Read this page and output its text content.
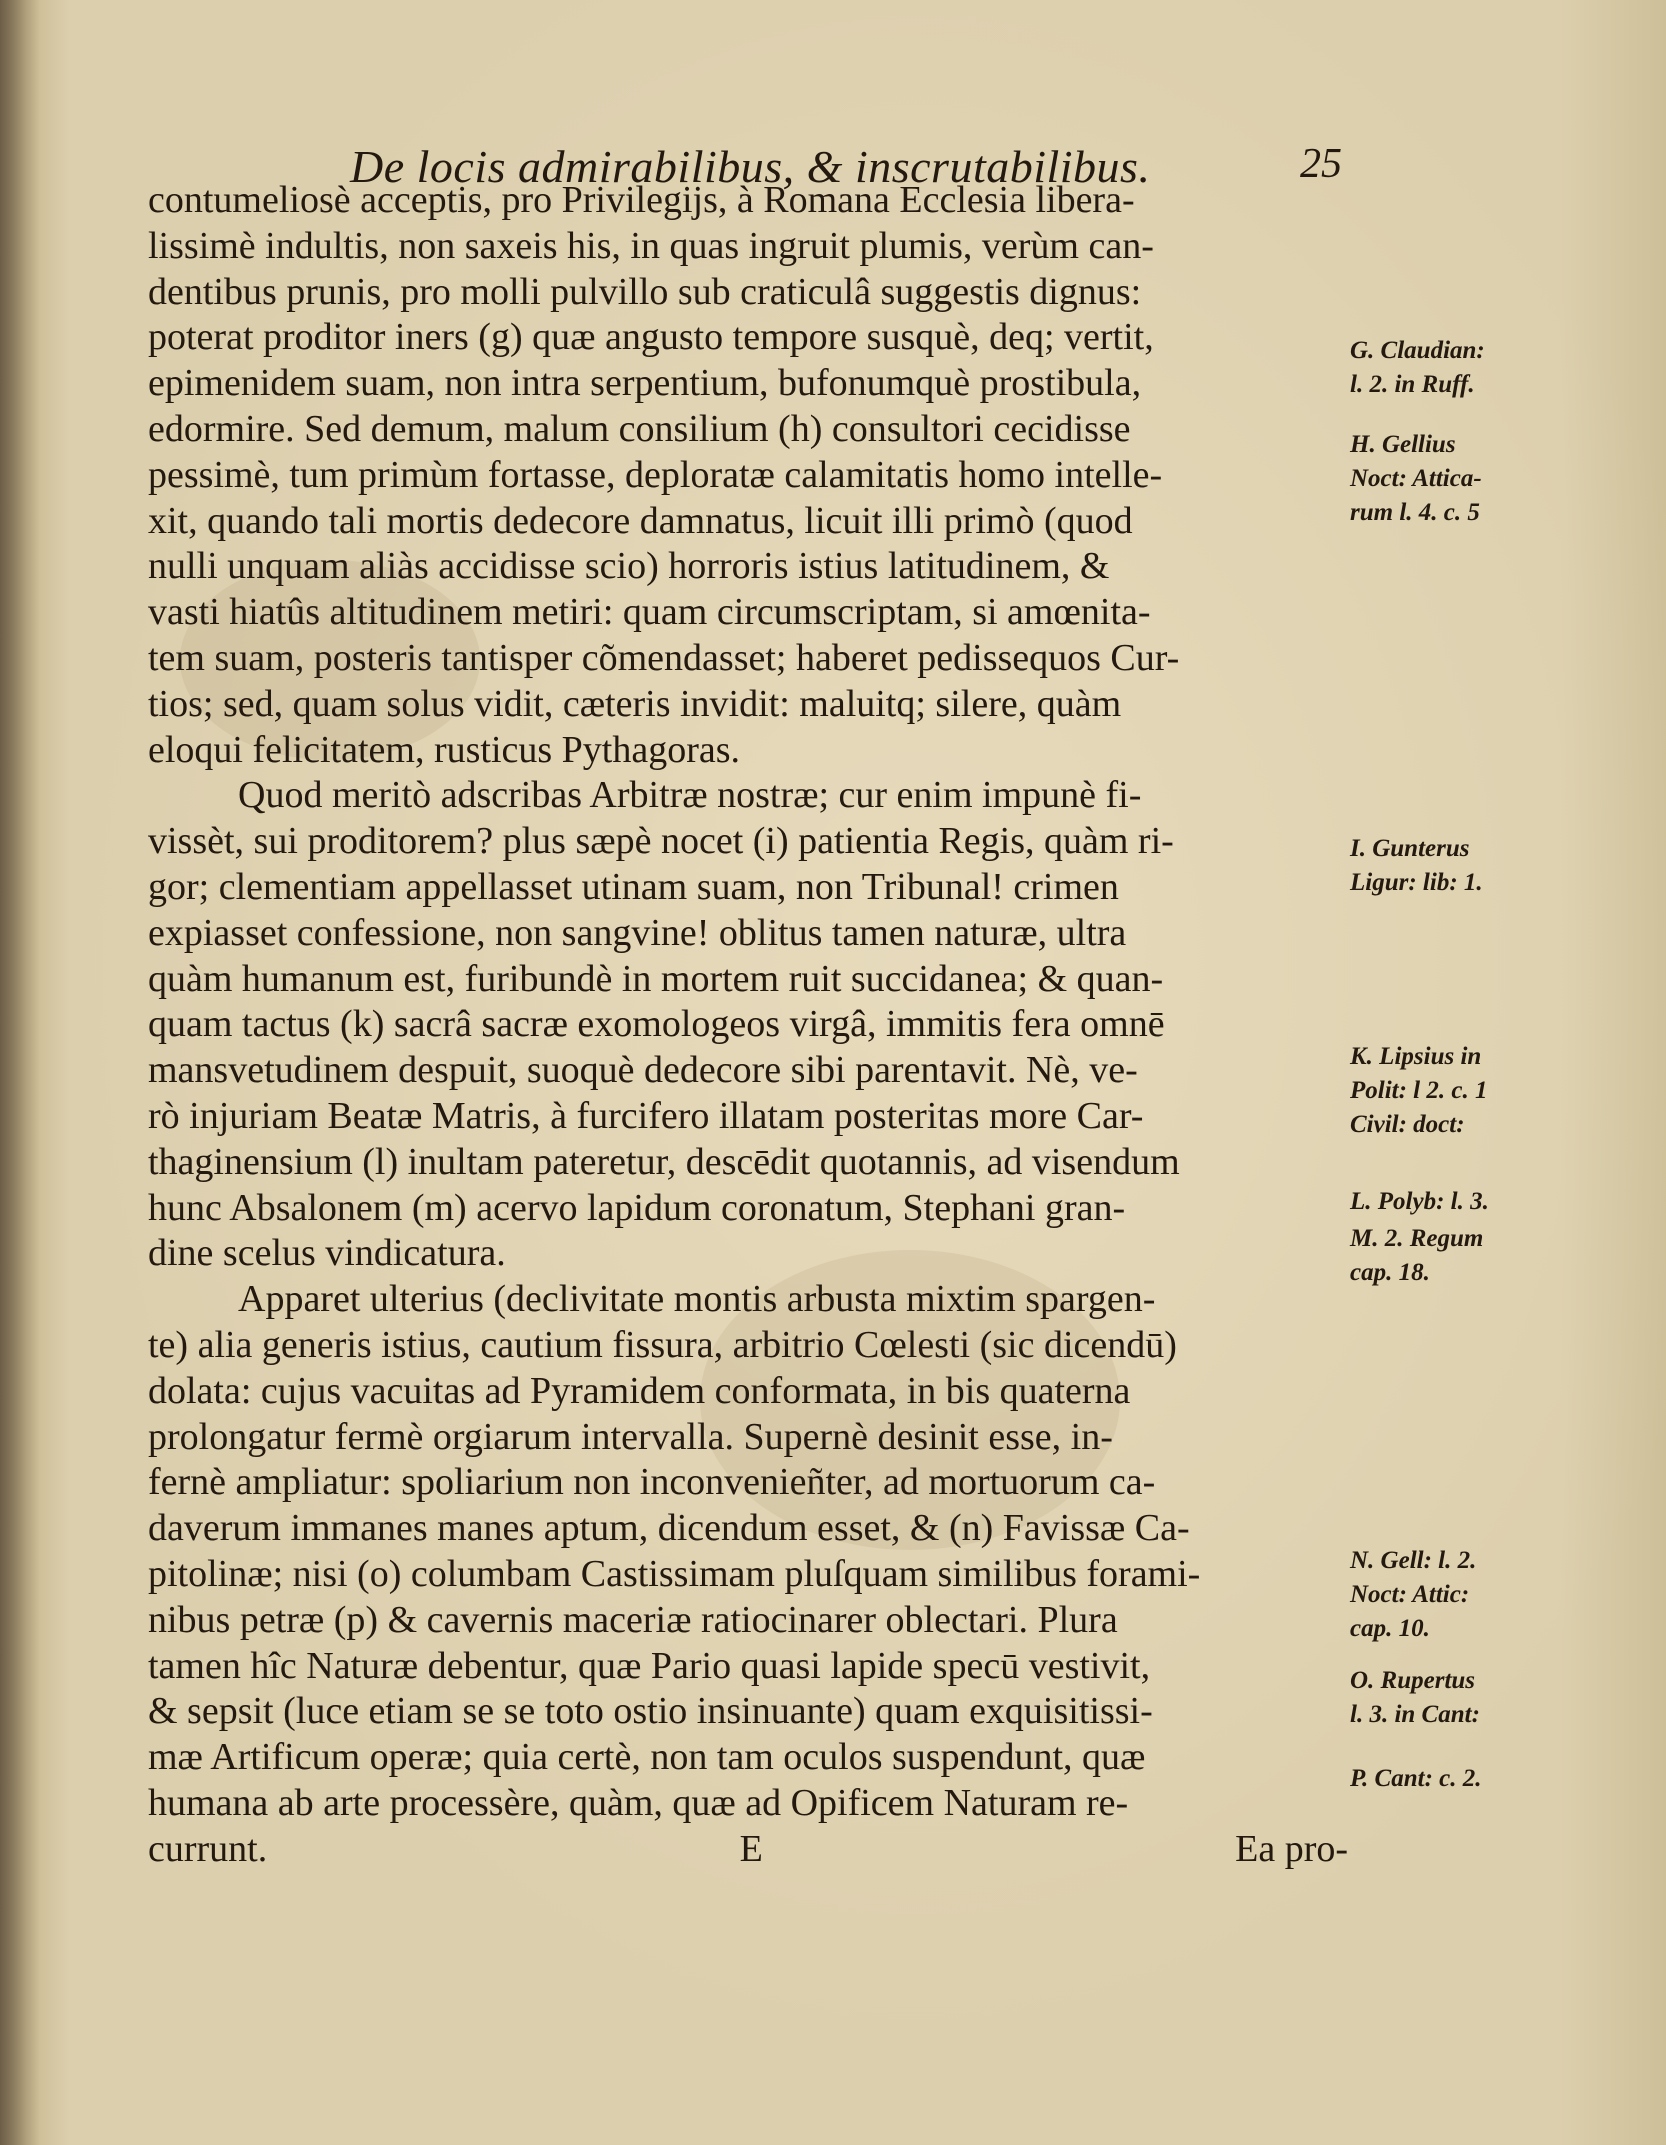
De locis admirabilibus, & inscrutabilibus.	25
contumeliosè acceptis, pro Privilegijs, à Romana Ecclesia libera-
lissimè indultis, non saxeis his, in quas ingruit plumis, verùm can-
dentibus prunis, pro molli pulvillo sub craticulâ suggestis dignus:
poterat proditor iners (g) quæ angusto tempore susquè, deq; vertit,
epimenidem suam, non intra serpentium, bufonumquè prostibula,
edormire. Sed demum, malum consilium (h) consultori cecidisse
pessimè, tum primùm fortasse, deploratæ calamitatis homo intelle-
xit, quando tali mortis dedecore damnatus, licuit illi primò (quod
nulli unquam aliàs accidisse scio) horroris istius latitudinem, &
vasti hiatûs altitudinem metiri: quam circumscriptam, si amœnita-
tem suam, posteris tantisper cõmendasset; haberet pedissequos Cur-
tios; sed, quam solus vidit, cæteris invidit: maluitq; silere, quàm
eloqui felicitatem, rusticus Pythagoras.
Quod meritò adscribas Arbitræ nostræ; cur enim impunè fi-
vissèt, sui proditorem? plus sæpè nocet (i) patientia Regis, quàm ri-
gor; clementiam appellasset utinam suam, non Tribunal! crimen
expiasset confessione, non sangvine! oblitus tamen naturæ, ultra
quàm humanum est, furibundè in mortem ruit succidanea; & quan-
quam tactus (k) sacrâ sacræ exomologeos virgâ, immitis fera omnē
mansvetudinem despuit, suoquè dedecore sibi parentavit. Nè, ve-
rò injuriam Beatæ Matris, à furcifero illatam posteritas more Car-
thaginensium (l) inultam pateretur, descēdit quotannis, ad visendum
hunc Absalonem (m) acervo lapidum coronatum, Stephani gran-
dine scelus vindicatura.
Apparet ulterius (declivitate montis arbusta mixtim spargen-
te) alia generis istius, cautium fissura, arbitrio Cœlesti (sic dicendū)
dolata: cujus vacuitas ad Pyramidem conformata, in bis quaterna
prolongatur fermè orgiarum intervalla. Supernè desinit esse, in-
fernè ampliatur: spoliarium non inconvenieñter, ad mortuorum ca-
daverum immanes manes aptum, dicendum esset, & (n) Favissæ Ca-
pitolinæ; nisi (o) columbam Castissimam pluſquam similibus forami-
nibus petræ (p) & cavernis maceriæ ratiocinarer oblectari. Plura
tamen hîc Naturæ debentur, quæ Pario quasi lapide specū vestivit,
& sepsit (luce etiam se se toto ostio insinuante) quam exquisitissi-
mæ Artificum operæ; quia certè, non tam oculos suspendunt, quæ
humana ab arte processère, quàm, quæ ad Opificem Naturam re-
currunt.	E	Ea pro-
G. Claudian:
l. 2. in Ruff.
H. Gellius
Noct: Attica-
rum l. 4. c. 5
I. Gunterus
Ligur: lib: 1.
K. Lipsius in
Polit: l 2. c. 1
Civil: doct:
L. Polyb: l. 3.
M. 2. Regum
cap. 18.
N. Gell: l. 2.
Noct: Attic:
cap. 10.
O. Rupertus
l. 3. in Cant:
P. Cant: c. 2.
